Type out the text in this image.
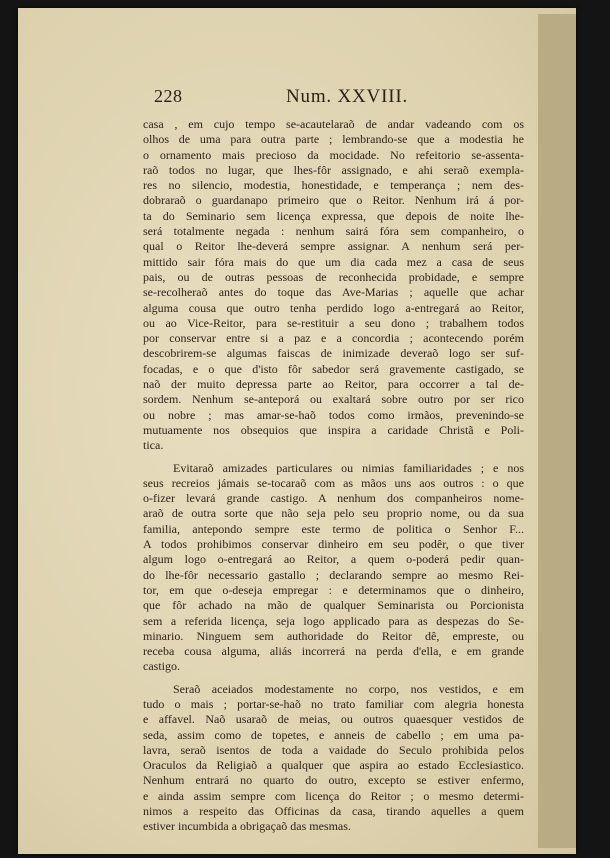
228	Num. XXVIII.
casa , em cujo tempo se-acautelaraõ de andar vadeando com os
olhos de uma para outra parte ; lembrando-se que a modestia he
o ornamento mais precioso da mocidade. No refeitorio se-assenta-
raõ todos no lugar, que lhes-fôr assignado, e ahi seraõ exempla-
res no silencio, modestia, honestidade, e temperança ; nem des-
dobraraõ o guardanapo primeiro que o Reitor. Nenhum irá á por-
ta do Seminario sem licença expressa, que depois de noite lhe-
será totalmente negada : nenhum sairá fóra sem companheiro, o
qual o Reitor lhe-deverá sempre assignar. A nenhum será per-
mittido sair fóra mais do que um dia cada mez a casa de seus
pais, ou de outras pessoas de reconhecida probidade, e sempre
se-recolheraõ antes do toque das Ave-Marias ; aquelle que achar
alguma cousa que outro tenha perdido logo a-entregará ao Reitor,
ou ao Vice-Reitor, para se-restituir a seu dono ; trabalhem todos
por conservar entre si a paz e a concordia ; acontecendo porém
descobrirem-se algumas faiscas de inimizade deveraõ logo ser suf-
focadas, e o que d'isto fôr sabedor será gravemente castigado, se
naõ der muito depressa parte ao Reitor, para occorrer a tal de-
sordem. Nenhum se-anteporá ou exaltará sobre outro por ser rico
ou nobre ; mas amar-se-haõ todos como irmãos, prevenindo-se
mutuamente nos obsequios que inspira a caridade Christã e Poli-
tica.
Evitaraõ amizades particulares ou nimias familiaridades ; e nos
seus recreios jámais se-tocaraõ com as mãos uns aos outros : o que
o-fizer levará grande castigo. A nenhum dos companheiros nome-
araõ de outra sorte que não seja pelo seu proprio nome, ou da sua
familia, antepondo sempre este termo de politica o Senhor F...
A todos prohibimos conservar dinheiro em seu podêr, o que tiver
algum logo o-entregará ao Reitor, a quem o-poderá pedir quan-
do lhe-fôr necessario gastallo ; declarando sempre ao mesmo Rei-
tor, em que o-deseja empregar : e determinamos que o dinheiro,
que fôr achado na mão de qualquer Seminarista ou Porcionista
sem a referida licença, seja logo applicado para as despezas do Se-
minario. Ninguem sem authoridade do Reitor dê, empreste, ou
receba cousa alguma, aliás incorrerá na perda d'ella, e em grande
castigo.
Seraõ aceiados modestamente no corpo, nos vestidos, e em
tudo o mais ; portar-se-haõ no trato familiar com alegria honesta
e affavel. Naõ usaraõ de meias, ou outros quaesquer vestidos de
seda, assim como de topetes, e anneis de cabello ; em uma pa-
lavra, seraõ isentos de toda a vaidade do Seculo prohibida pelos
Oraculos da Religiaõ a qualquer que aspira ao estado Ecclesiastico.
Nenhum entrará no quarto do outro, excepto se estiver enfermo,
e ainda assim sempre com licença do Reitor ; o mesmo determi-
nimos a respeito das Officinas da casa, tirando aquelles a quem
estiver incumbida a obrigaçaõ das mesmas.
